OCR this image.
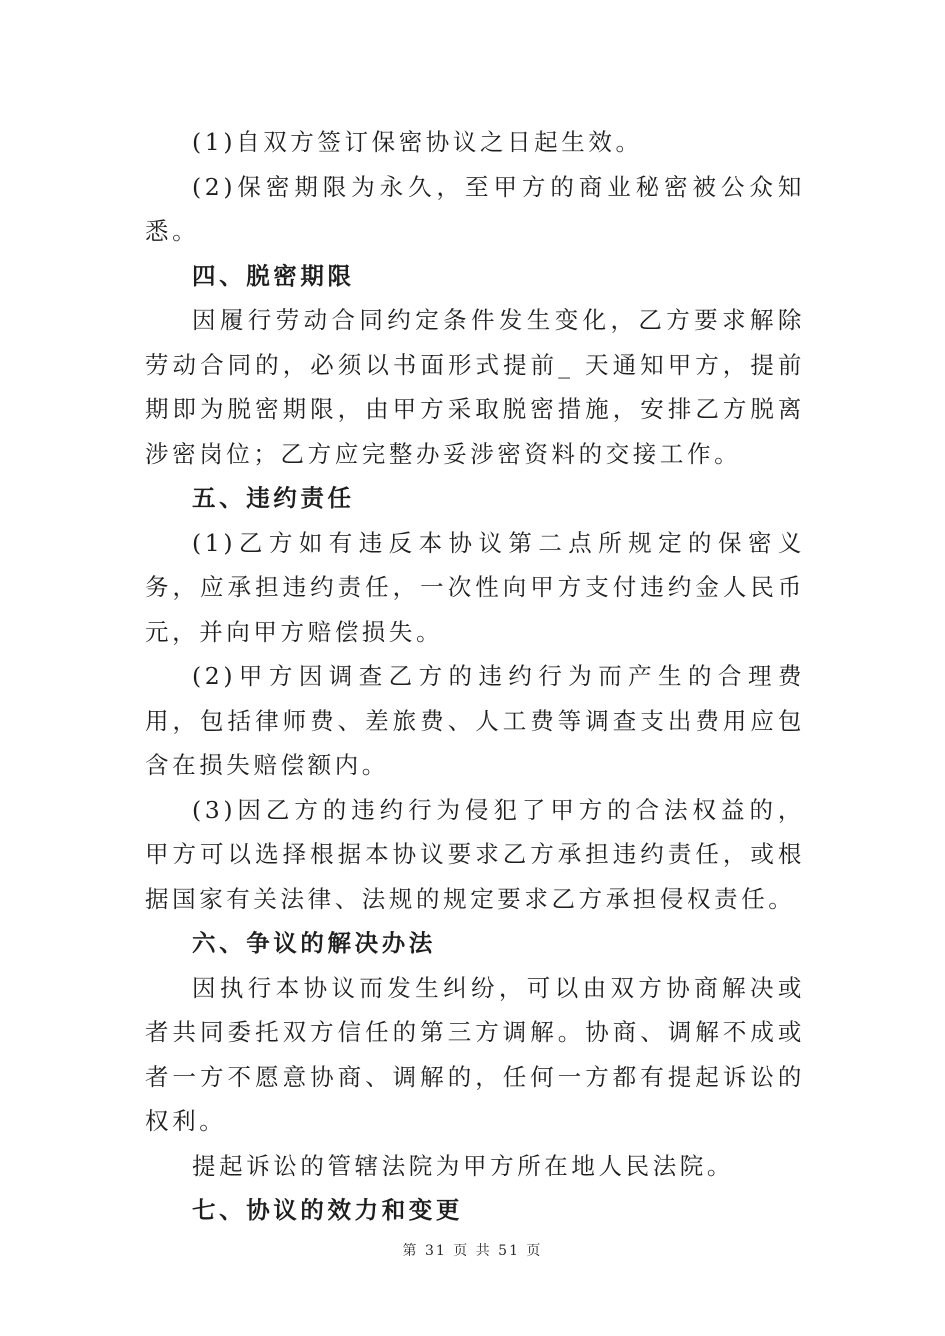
(1)自双方签订保密协议之日起生效。

(2)保密期限为永久，至甲方的商业秘密被公众知悉。

四、脱密期限

因履行劳动合同约定条件发生变化，乙方要求解除劳动合同的，必须以书面形式提前_ 天通知甲方，提前期即为脱密期限，由甲方采取脱密措施，安排乙方脱离涉密岗位；乙方应完整办妥涉密资料的交接工作。

五、违约责任

(1)乙方如有违反本协议第二点所规定的保密义务，应承担违约责任，一次性向甲方支付违约金人民币　　元，并向甲方赔偿损失。

(2)甲方因调查乙方的违约行为而产生的合理费用，包括律师费、差旅费、人工费等调查支出费用应包含在损失赔偿额内。

(3)因乙方的违约行为侵犯了甲方的合法权益的，甲方可以选择根据本协议要求乙方承担违约责任，或根据国家有关法律、法规的规定要求乙方承担侵权责任。

六、争议的解决办法

因执行本协议而发生纠纷，可以由双方协商解决或者共同委托双方信任的第三方调解。协商、调解不成或者一方不愿意协商、调解的，任何一方都有提起诉讼的权利。

提起诉讼的管辖法院为甲方所在地人民法院。

七、协议的效力和变更

第 31 页 共 51 页
